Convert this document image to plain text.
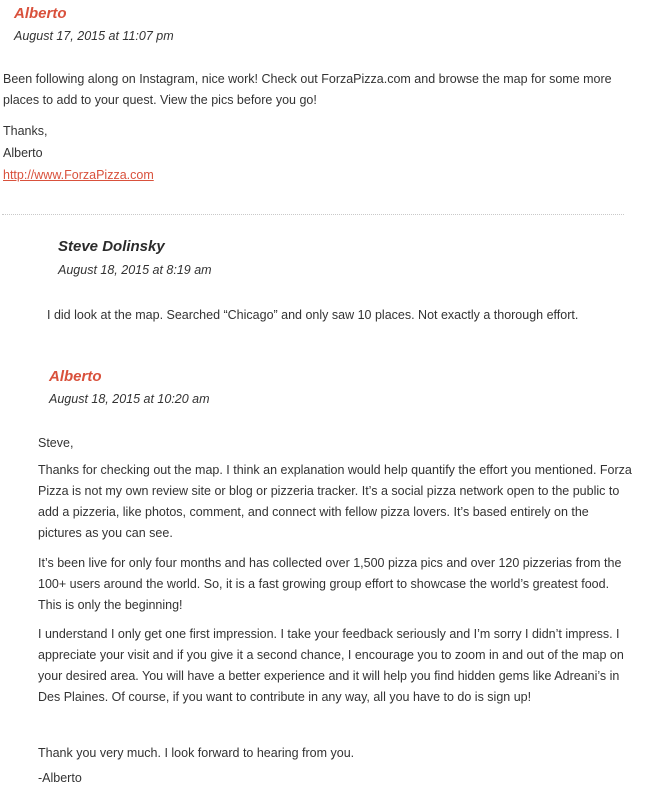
Alberto
August 17, 2015 at 11:07 pm

Been following along on Instagram, nice work! Check out ForzaPizza.com and browse the map for some more places to add to your quest. View the pics before you go!

Thanks,

Alberto

http://www.ForzaPizza.com
Steve Dolinsky
August 18, 2015 at 8:19 am

I did look at the map. Searched “Chicago” and only saw 10 places. Not exactly a thorough effort.

Alberto
August 18, 2015 at 10:20 am

Steve,

Thanks for checking out the map. I think an explanation would help quantify the effort you mentioned. Forza Pizza is not my own review site or blog or pizzeria tracker. It’s a social pizza network open to the public to add a pizzeria, like photos, comment, and connect with fellow pizza lovers. It’s based entirely on the pictures as you can see.

It’s been live for only four months and has collected over 1,500 pizza pics and over 120 pizzerias from the 100+ users around the world. So, it is a fast growing group effort to showcase the world’s greatest food. This is only the beginning!

I understand I only get one first impression. I take your feedback seriously and I’m sorry I didn’t impress. I appreciate your visit and if you give it a second chance, I encourage you to zoom in and out of the map on your desired area. You will have a better experience and it will help you find hidden gems like Adreani’s in Des Plaines. Of course, if you want to contribute in any way, all you have to do is sign up!

Thank you very much. I look forward to hearing from you.

-Alberto
